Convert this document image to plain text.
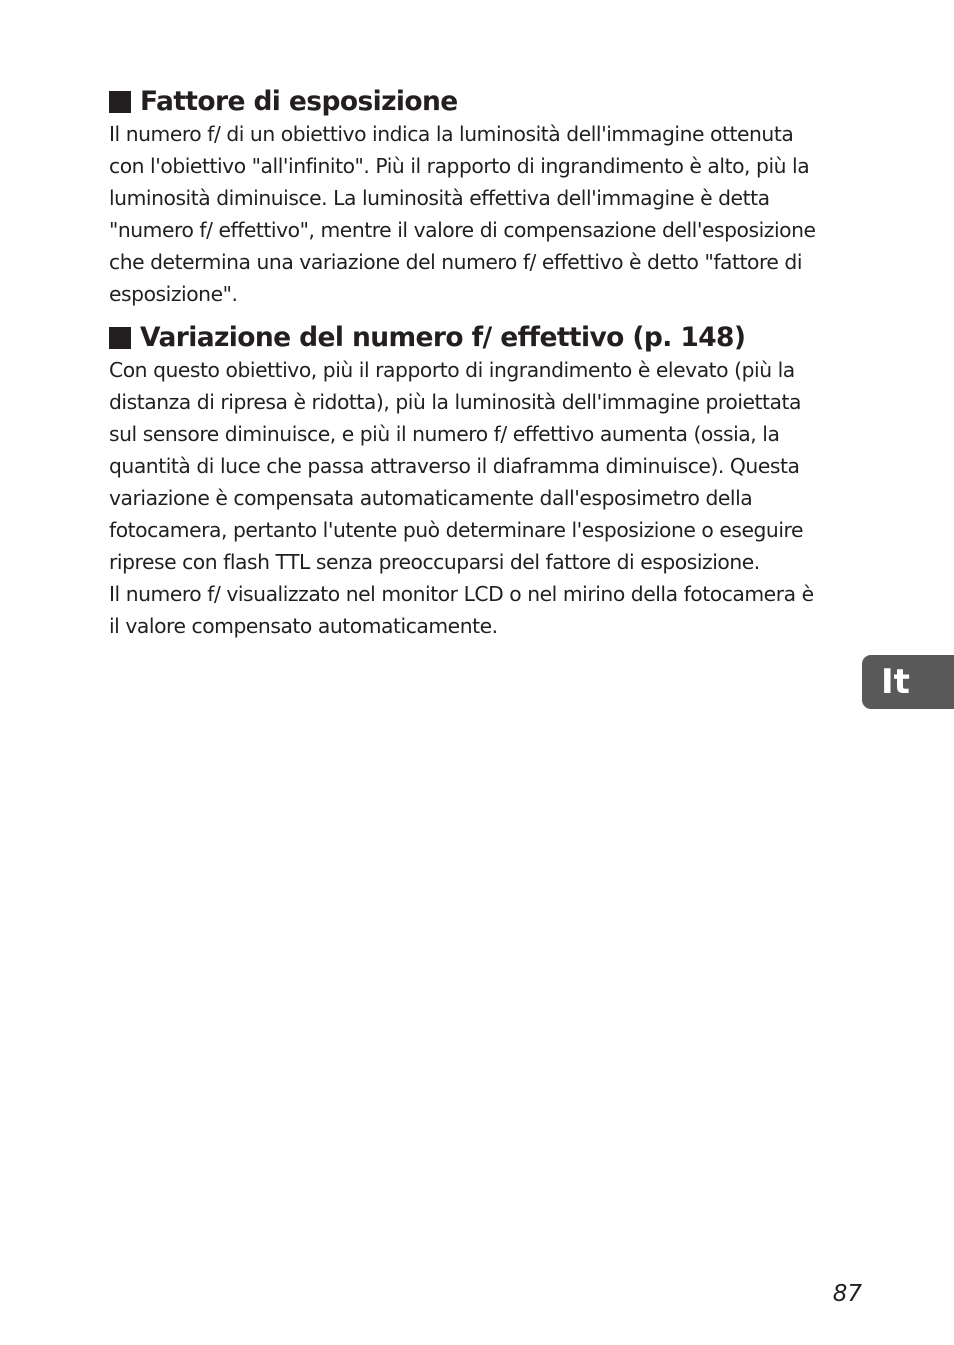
Fattore di esposizione

Il numero f/ di un obiettivo indica la luminosità dell'immagine ottenuta
con l'obiettivo "all'infinito". Più il rapporto di ingrandimento è alto, più la
luminosità diminuisce. La luminosità effettiva dell'immagine è detta
"numero f/ effettivo", mentre il valore di compensazione dell'esposizione
che determina una variazione del numero f/ effettivo è detto "fattore di
esposizione".

Variazione del numero f/ effettivo (p. 148)

Con questo obiettivo, più il rapporto di ingrandimento è elevato (più la
distanza di ripresa è ridotta), più la luminosità dell'immagine proiettata
sul sensore diminuisce, e più il numero f/ effettivo aumenta (ossia, la
quantità di luce che passa attraverso il diaframma diminuisce). Questa
variazione è compensata automaticamente dall'esposimetro della
fotocamera, pertanto l'utente può determinare l'esposizione o eseguire
riprese con flash TTL senza preoccuparsi del fattore di esposizione.
Il numero f/ visualizzato nel monitor LCD o nel mirino della fotocamera è
il valore compensato automaticamente.

It
87
